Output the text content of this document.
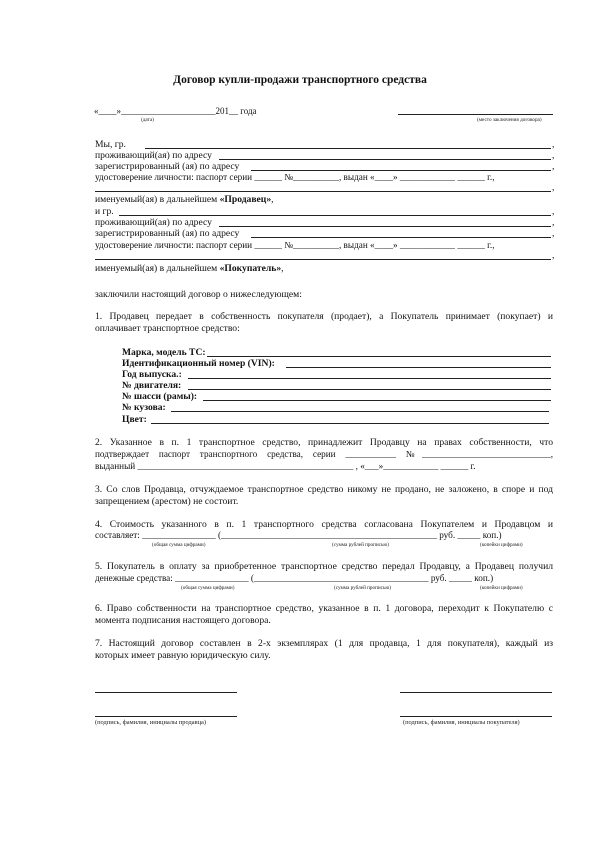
Договор купли-продажи транспортного средства
«____»_____________________201__ года
(дата)	(место заключения договора)
Мы, гр.	,
проживающий(ая) по адресу	,
зарегистрированный (ая) по адресу	,
удостоверение личности: паспорт серии ______ №__________, выдан «____» ____________ ______ г.,
,
именуемый(ая) в дальнейшем «Продавец»,
и гр.	,
проживающий(ая) по адресу	,
зарегистрированный (ая) по адресу	,
удостоверение личности: паспорт серии ______ №__________, выдан «____» ____________ ______ г.,
,
именуемый(ая) в дальнейшем «Покупатель»,
заключили настоящий договор о нижеследующем:
1. Продавец передает в собственность покупателя (продает), а Покупатель принимает (покупает) и
оплачивает транспортное средство:
Марка, модель ТС:
Идентификационный номер (VIN):
Год выпуска.:
№ двигателя:
№ шасси (рамы):
№ кузова:
Цвет:
2. Указанное в п. 1 транспортное средство, принадлежит Продавцу на правах собственности, что
подтверждает паспорт транспортного средства, серии ___________ №____________________________,
выданный _______________________________________________ , «___»____________ ______ г.
3. Со слов Продавца, отчуждаемое транспортное средство никому не продано, не заложено, в споре и под
запрещением (арестом) не состоит.
4. Стоимость указанного в п. 1 транспортного средства согласована Покупателем и Продавцом и
составляет: ________________ (_______________________________________________ руб. _____ коп.)
(общая сумма цифрами)	(сумма рублей прописью)	(копейки цифрами)
5. Покупатель в оплату за приобретенное транспортное средство передал Продавцу, а Продавец получил
денежные средства: ________________ (______________________________________ руб. _____ коп.)
(общая сумма цифрами)	(сумма рублей прописью)	(копейки цифрами)
6. Право собственности на транспортное средство, указанное в п. 1 договора, переходит к Покупателю с
момента подписания настоящего договора.
7. Настоящий договор составлен в 2-х экземплярах (1 для продавца, 1 для покупателя), каждый из
которых имеет равную юридическую силу.
(подпись, фамилия, инициалы продавца)	(подпись, фамилия, инициалы покупателя)
